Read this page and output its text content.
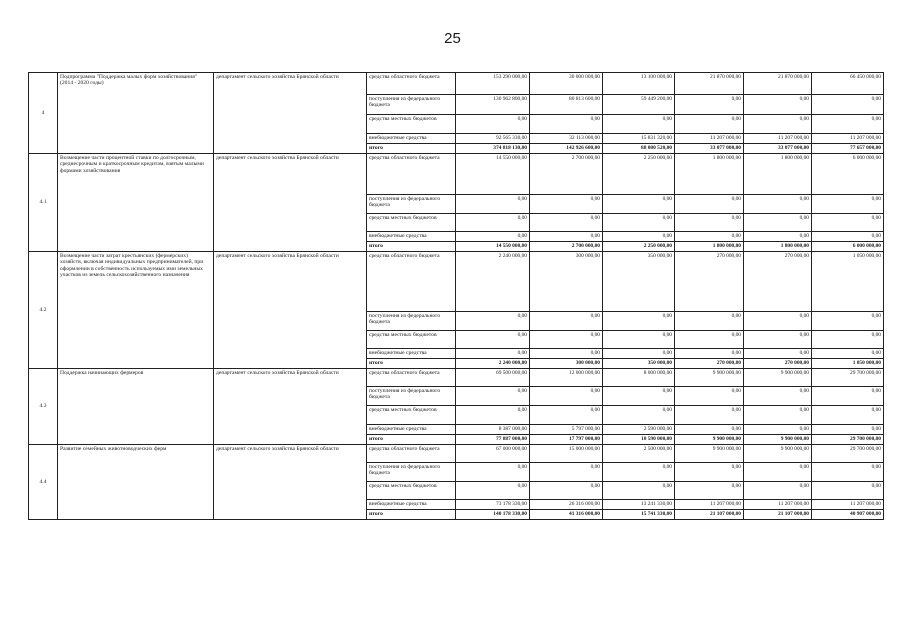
25
4	Подпрограмма "Поддержка малых форм хозяйствования" (2014 - 2020 годы)	департамент сельского хозяйства Брянской области	средства областного бюджета	153 290 000,00	30 000 000,00	13 100 000,00	21 870 000,00	21 870 000,00	66 450 000,00
			поступления из федерального бюджета	130 962 800,00	80 813 600,00	59 449 200,00	0,00	0,00	0,00
			средства местных бюджетов	0,00	0,00	0,00	0,00	0,00	0,00
			внебюджетные средства	92 565 330,00	32 113 000,00	15 831 320,00	11 207 000,00	11 207 000,00	11 207 000,00
			итого	374 818 130,00	142 926 600,00	88 080 520,00	33 077 000,00	33 077 000,00	77 657 000,00
4.1	Возмещение части процентной ставки по долгосрочным, среднесрочным и краткосрочным кредитам, взятым малыми формами хозяйствования	департамент сельского хозяйства Брянской области	средства областного бюджета	14 550 000,00	2 700 000,00	2 250 000,00	1 800 000,00	1 800 000,00	6 000 000,00
			поступления из федерального бюджета	0,00	0,00	0,00	0,00	0,00	0,00
			средства местных бюджетов	0,00	0,00	0,00	0,00	0,00	0,00
			внебюджетные средства	0,00	0,00	0,00	0,00	0,00	0,00
			итого	14 550 000,00	2 700 000,00	2 250 000,00	1 800 000,00	1 800 000,00	6 000 000,00
4.2	Возмещение части затрат крестьянских (фермерских) хозяйств, включая индивидуальных предпринимателей, при оформлении в собственность используемых ими земельных участков из земель сельскохозяйственного назначения	департамент сельского хозяйства Брянской области	средства областного бюджета	2 240 000,00	300 000,00	350 000,00	270 000,00	270 000,00	1 050 000,00
			поступления из федерального бюджета	0,00	0,00	0,00	0,00	0,00	0,00
			средства местных бюджетов	0,00	0,00	0,00	0,00	0,00	0,00
			внебюджетные средства	0,00	0,00	0,00	0,00	0,00	0,00
			итого	2 240 000,00	300 000,00	350 000,00	270 000,00	270 000,00	1 050 000,00
4.3	Поддержка начинающих фермеров	департамент сельского хозяйства Брянской области	средства областного бюджета	69 500 000,00	12 000 000,00	8 000 000,00	9 900 000,00	9 900 000,00	29 700 000,00
			поступления из федерального бюджета	0,00	0,00	0,00	0,00	0,00	0,00
			средства местных бюджетов	0,00	0,00	0,00	0,00	0,00	0,00
			внебюджетные средства	8 387 000,00	5 797 000,00	2 590 000,00	0,00	0,00	0,00
			итого	77 887 000,00	17 797 000,00	10 590 000,00	9 900 000,00	9 900 000,00	29 700 000,00
4.4	Развитие семейных животноводческих ферм	департамент сельского хозяйства Брянской области	средства областного бюджета	67 000 000,00	15 000 000,00	2 500 000,00	9 900 000,00	9 900 000,00	29 700 000,00
			поступления из федерального бюджета	0,00	0,00	0,00	0,00	0,00	0,00
			средства местных бюджетов	0,00	0,00	0,00	0,00	0,00	0,00
			внебюджетные средства	73 178 330,00	26 316 000,00	13 241 330,00	11 207 000,00	11 207 000,00	11 207 000,00
			итого	140 178 330,00	41 316 000,00	15 741 330,00	21 107 000,00	21 107 000,00	40 907 000,00
